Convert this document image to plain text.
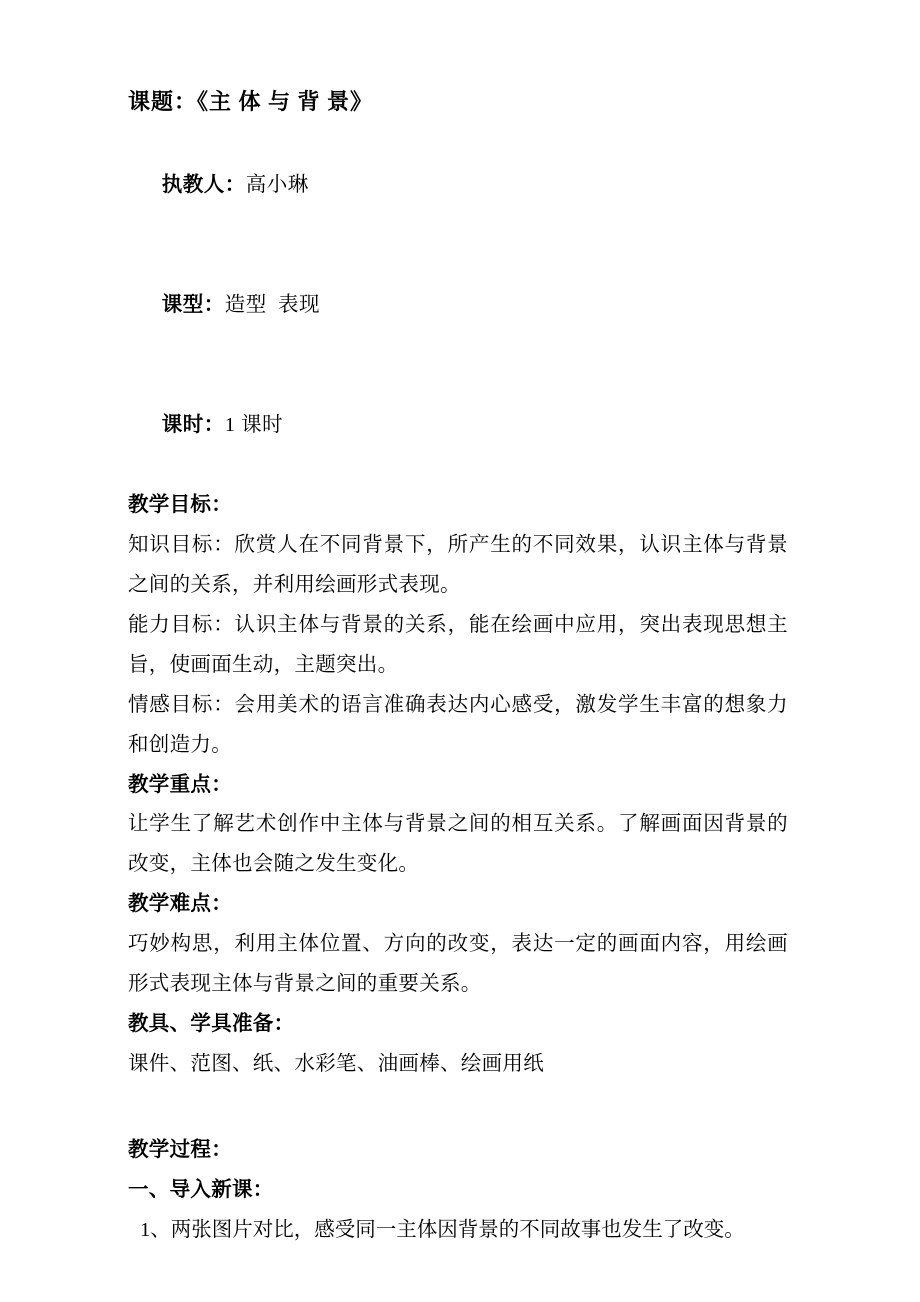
课题：《主 体 与 背 景》

执教人：高小琳

课型：造型  表现

课时：1 课时

教学目标：
知识目标：欣赏人在不同背景下，所产生的不同效果，认识主体与背景之间的关系，并利用绘画形式表现。
能力目标：认识主体与背景的关系，能在绘画中应用，突出表现思想主旨，使画面生动，主题突出。
情感目标：会用美术的语言准确表达内心感受，激发学生丰富的想象力和创造力。
教学重点：
让学生了解艺术创作中主体与背景之间的相互关系。了解画面因背景的改变，主体也会随之发生变化。
教学难点：
巧妙构思，利用主体位置、方向的改变，表达一定的画面内容，用绘画形式表现主体与背景之间的重要关系。
教具、学具准备：
课件、范图、纸、水彩笔、油画棒、绘画用纸
教学过程：
一、导入新课：
1、两张图片对比，感受同一主体因背景的不同故事也发生了改变。
